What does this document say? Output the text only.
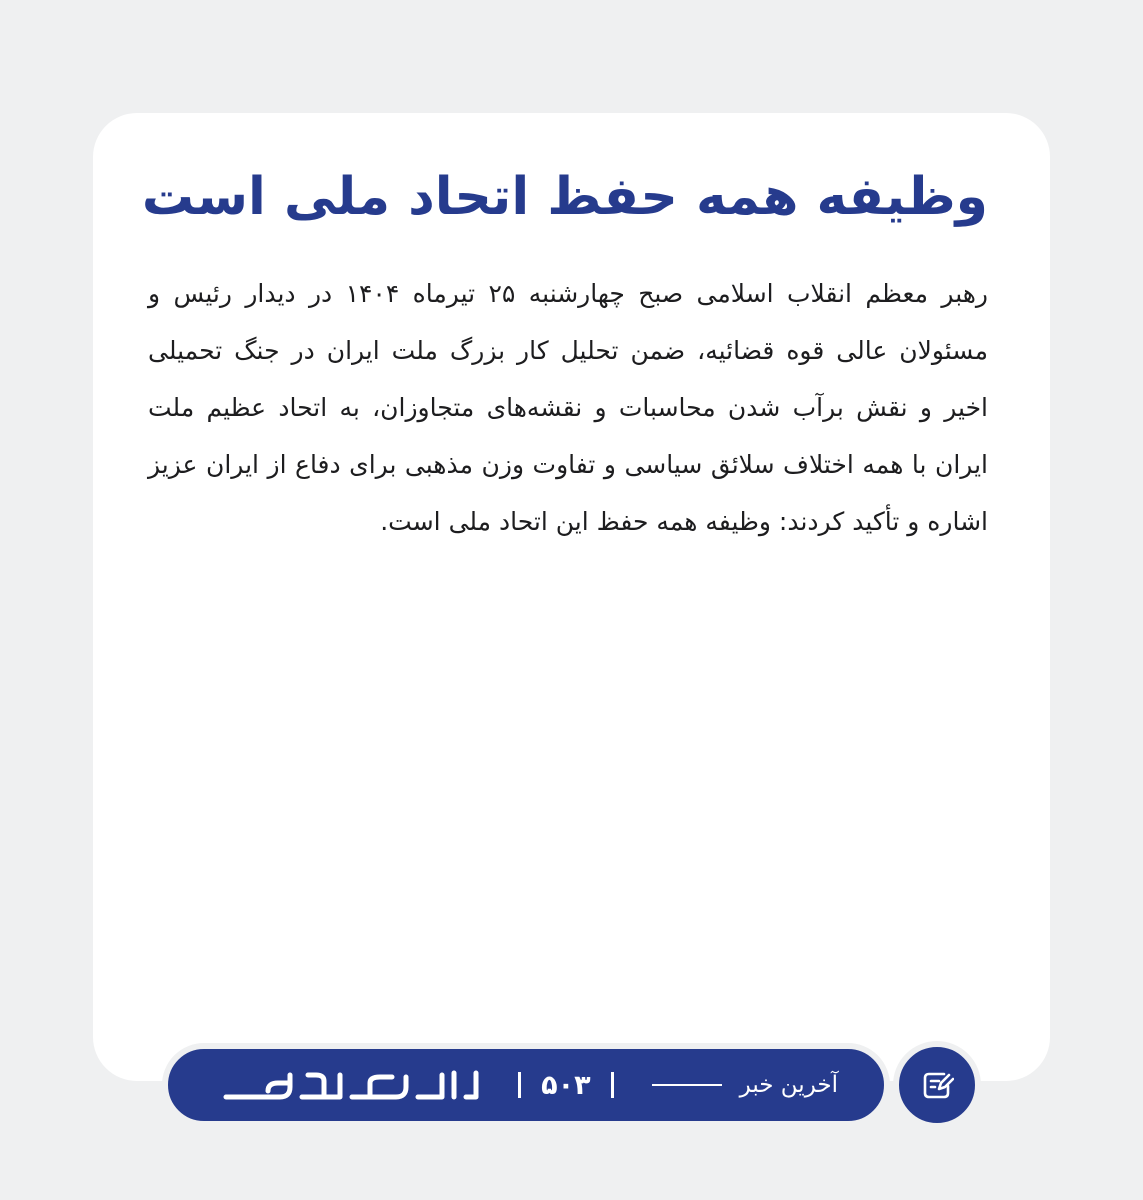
وظیفه همه حفظ اتحاد ملی است

رهبر معظم انقلاب اسلامی صبح چهارشنبه ۲۵ تیرماه ۱۴۰۴ در دیدار رئیس و مسئولان عالی قوه قضائیه، ضمن تحلیل کار بزرگ ملت ایران در جنگ تحمیلی اخیر و نقش برآب شدن محاسبات و نقشه‌های متجاوزان، به اتحاد عظیم ملت ایران با همه اختلاف سلائق سیاسی و تفاوت وزن مذهبی برای دفاع از ایران عزیز اشاره و تأکید کردند: وظیفه همه حفظ این اتحاد ملی است.

آخرین خبر
۵۰۳
